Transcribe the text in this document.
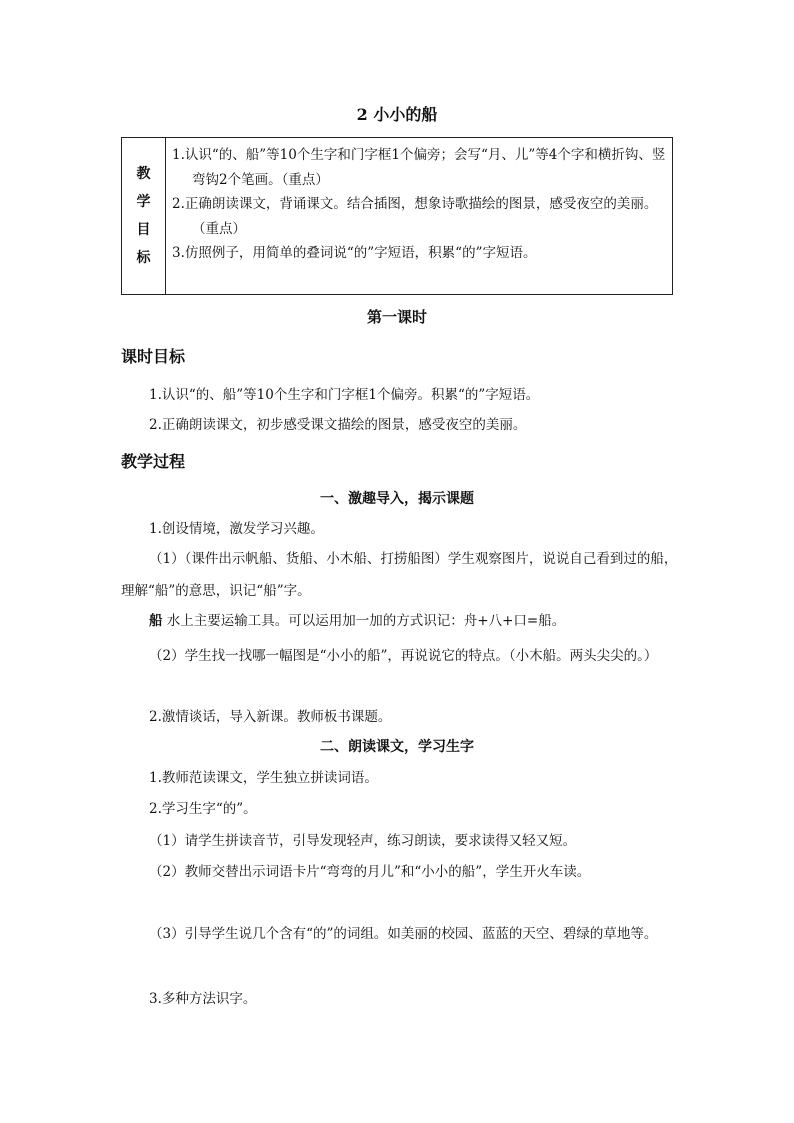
2 小小的船
教
学
目
标
1.认识“的、船”等10个生字和门字框1个偏旁；会写“月、儿”等4个字和横折钩、竖弯钩2个笔画。（重点）
2.正确朗读课文，背诵课文。结合插图，想象诗歌描绘的图景，感受夜空的美丽。（重点）
3.仿照例子，用简单的叠词说“的”字短语，积累“的”字短语。
第一课时
课时目标
1.认识“的、船”等10个生字和门字框1个偏旁。积累“的”字短语。
2.正确朗读课文，初步感受课文描绘的图景，感受夜空的美丽。
教学过程
一、激趣导入，揭示课题
1.创设情境，激发学习兴趣。
（1）（课件出示帆船、货船、小木船、打捞船图）学生观察图片，说说自己看到过的船，理解“船”的意思，识记“船”字。
船 水上主要运输工具。可以运用加一加的方式识记：舟+八+口=船。
（2）学生找一找哪一幅图是“小小的船”，再说说它的特点。（小木船。两头尖尖的。）
2.激情谈话，导入新课。教师板书课题。
二、朗读课文，学习生字
1.教师范读课文，学生独立拼读词语。
2.学习生字“的”。
（1）请学生拼读音节，引导发现轻声，练习朗读，要求读得又轻又短。
（2）教师交替出示词语卡片“弯弯的月儿”和“小小的船”，学生开火车读。
（3）引导学生说几个含有“的”的词组。如美丽的校园、蓝蓝的天空、碧绿的草地等。
3.多种方法识字。
